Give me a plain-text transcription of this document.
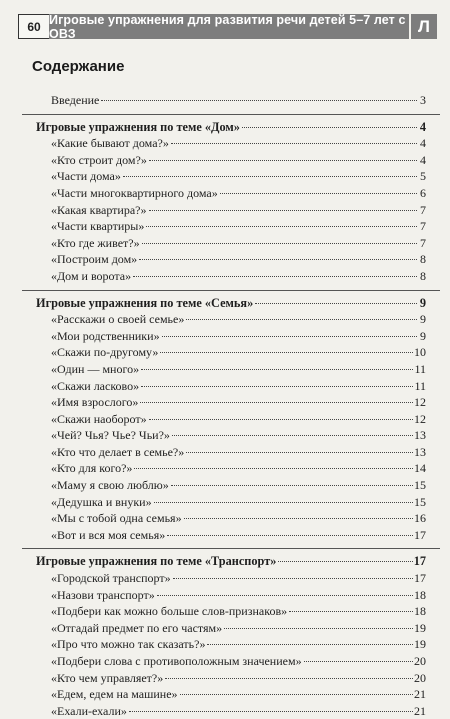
60 Игровые упражнения для развития речи детей 5–7 лет с ОВЗ	Л
Содержание
Введение	3
Игровые упражнения по теме «Дом»	4
«Какие бывают дома?»	4
«Кто строит дом?»	4
«Части дома»	5
«Части многоквартирного дома»	6
«Какая квартира?»	7
«Части квартиры»	7
«Кто где живет?»	7
«Построим дом»	8
«Дом и ворота»	8
Игровые упражнения по теме «Семья»	9
«Расскажи о своей семье»	9
«Мои родственники»	9
«Скажи по-другому»	10
«Один — много»	11
«Скажи ласково»	11
«Имя взрослого»	12
«Скажи наоборот»	12
«Чей? Чья? Чье? Чьи?»	13
«Кто что делает в семье?»	13
«Кто для кого?»	14
«Маму я свою люблю»	15
«Дедушка и внуки»	15
«Мы с тобой одна семья»	16
«Вот и вся моя семья»	17
Игровые упражнения по теме «Транспорт»	17
«Городской транспорт»	17
«Назови транспорт»	18
«Подбери как можно больше слов-признаков»	18
«Отгадай предмет по его частям»	19
«Про что можно так сказать?»	19
«Подбери слова с противоположным значением»	20
«Кто чем управляет?»	20
«Едем, едем на машине»	21
«Ехали-ехали»	21
